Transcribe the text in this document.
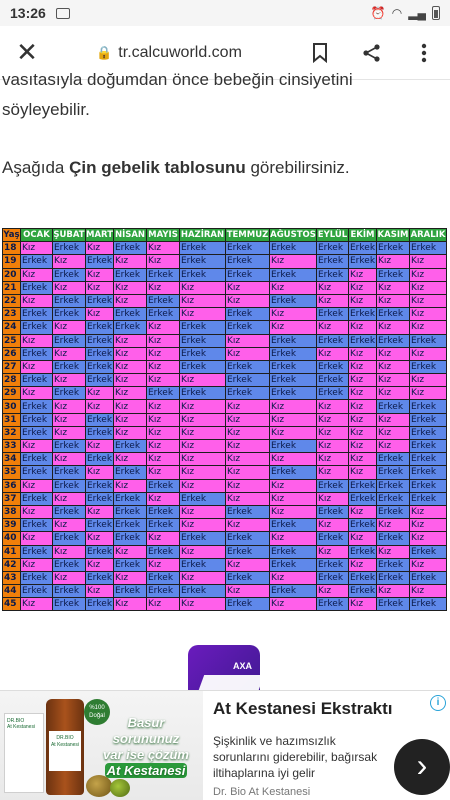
13:26	⏰ ◠ ▂▄
✕	🔒 tr.calcuworld.com
vasıtasıyla doğumdan önce bebeğin cinsiyetini
söyleyebilir.
Aşağıda Çin gebelik tablosunu görebilirsiniz.
Yaş	OCAK	ŞUBAT	MART	NİSAN	MAYIS	HAZİRAN	TEMMUZ	AĞUSTOS	EYLÜL	EKİM	KASIM	ARALIK
18	Kız	Erkek	Kız	Erkek	Kız	Erkek	Erkek	Erkek	Erkek	Erkek	Erkek	Erkek
19	Erkek	Kız	Erkek	Kız	Kız	Erkek	Erkek	Kız	Erkek	Erkek	Kız	Kız
20	Kız	Erkek	Kız	Erkek	Erkek	Erkek	Erkek	Erkek	Erkek	Kız	Erkek	Kız
21	Erkek	Kız	Kız	Kız	Kız	Kız	Kız	Kız	Kız	Kız	Kız	Kız
22	Kız	Erkek	Erkek	Kız	Erkek	Kız	Kız	Erkek	Kız	Kız	Kız	Kız
23	Erkek	Erkek	Kız	Erkek	Erkek	Kız	Erkek	Kız	Erkek	Erkek	Erkek	Kız
24	Erkek	Kız	Erkek	Erkek	Kız	Erkek	Erkek	Kız	Kız	Kız	Kız	Kız
25	Kız	Erkek	Erkek	Kız	Kız	Erkek	Kız	Erkek	Erkek	Erkek	Erkek	Erkek
26	Erkek	Kız	Erkek	Kız	Kız	Erkek	Kız	Erkek	Kız	Kız	Kız	Kız
27	Kız	Erkek	Erkek	Kız	Kız	Erkek	Erkek	Erkek	Erkek	Kız	Kız	Erkek
28	Erkek	Kız	Erkek	Kız	Kız	Kız	Erkek	Erkek	Erkek	Kız	Kız	Kız
29	Kız	Erkek	Kız	Kız	Erkek	Erkek	Erkek	Erkek	Erkek	Kız	Kız	Kız
30	Erkek	Kız	Kız	Kız	Kız	Kız	Kız	Kız	Kız	Kız	Erkek	Erkek
31	Erkek	Kız	Erkek	Kız	Kız	Kız	Kız	Kız	Kız	Kız	Kız	Erkek
32	Erkek	Kız	Erkek	Kız	Kız	Kız	Kız	Kız	Kız	Kız	Kız	Erkek
33	Kız	Erkek	Kız	Erkek	Kız	Kız	Kız	Erkek	Kız	Kız	Kız	Erkek
34	Erkek	Kız	Erkek	Kız	Kız	Kız	Kız	Kız	Kız	Kız	Erkek	Erkek
35	Erkek	Erkek	Kız	Erkek	Kız	Kız	Kız	Erkek	Kız	Kız	Erkek	Erkek
36	Kız	Erkek	Erkek	Kız	Erkek	Kız	Kız	Kız	Erkek	Erkek	Erkek	Erkek
37	Erkek	Kız	Erkek	Erkek	Kız	Erkek	Kız	Kız	Kız	Erkek	Erkek	Erkek
38	Kız	Erkek	Kız	Erkek	Erkek	Kız	Erkek	Kız	Erkek	Kız	Erkek	Kız
39	Erkek	Kız	Erkek	Erkek	Erkek	Kız	Kız	Erkek	Kız	Erkek	Kız	Kız
40	Kız	Erkek	Kız	Erkek	Kız	Erkek	Erkek	Kız	Erkek	Kız	Erkek	Kız
41	Erkek	Kız	Erkek	Kız	Erkek	Kız	Erkek	Erkek	Kız	Erkek	Kız	Erkek
42	Kız	Erkek	Kız	Erkek	Kız	Erkek	Kız	Erkek	Erkek	Kız	Erkek	Kız
43	Erkek	Kız	Erkek	Kız	Erkek	Kız	Erkek	Kız	Erkek	Erkek	Erkek	Erkek
44	Erkek	Erkek	Kız	Erkek	Erkek	Erkek	Kız	Erkek	Kız	Erkek	Kız	Kız
45	Kız	Erkek	Erkek	Kız	Kız	Kız	Erkek	Kız	Erkek	Kız	Erkek	Erkek
AXA
DR.BIO
At Kestanesi
DR.BIO
At Kestanesi
%100 Doğal	Basur sorununuz
var ise çözüm
At Kestanesi
At Kestanesi Ekstraktı	i
Şişkinlik ve hazımsızlık sorunlarını giderebilir, bağırsak iltihaplarına iyi gelir
Dr. Bio At Kestanesi
›
